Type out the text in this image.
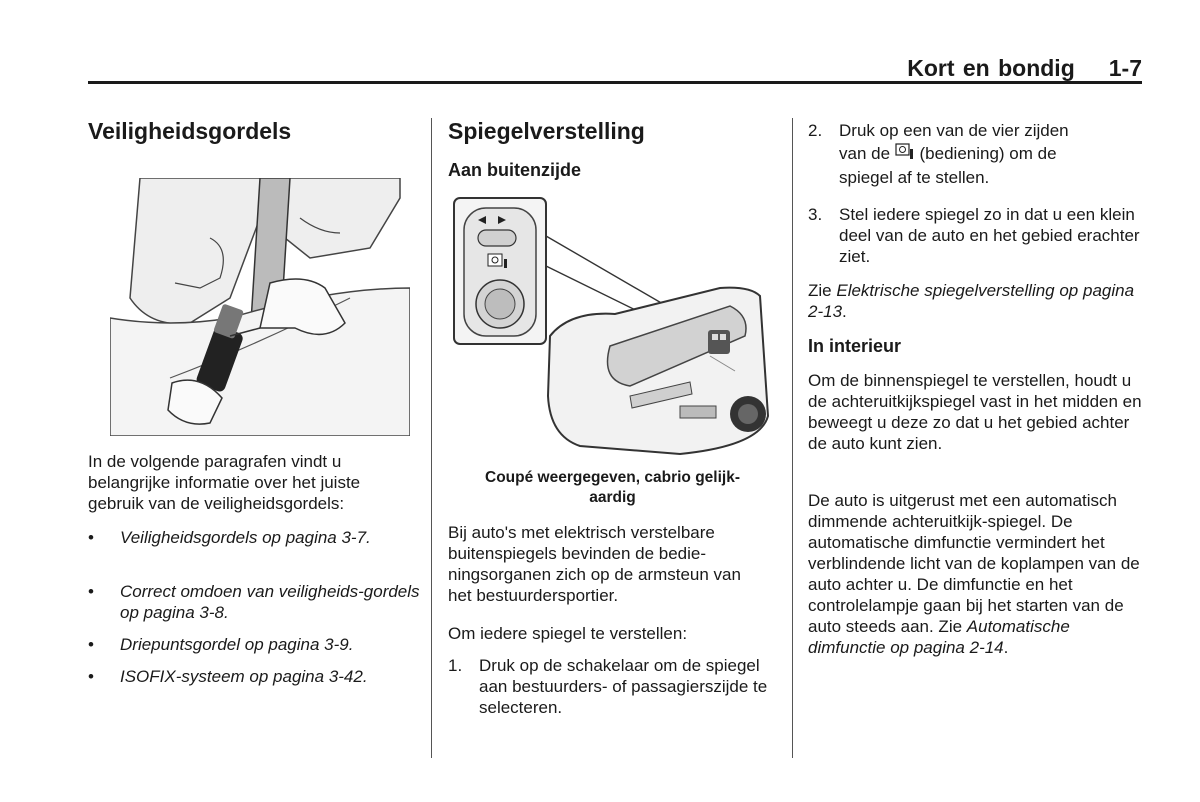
Kort en bondig 1-7
Veiligheidsgordels

In de volgende paragrafen vindt u belangrijke informatie over het juiste gebruik van de veiligheidsgordels:

• Veiligheidsgordels op pagina 3-7.
• Correct omdoen van veiligheids-gordels op pagina 3-8.
• Driepuntsgordel op pagina 3-9.
• ISOFIX-systeem op pagina 3-42.
Spiegelverstelling
Aan buitenzijde
Coupé weergegeven, cabrio gelijk-
aardig

Bij auto's met elektrisch verstelbare buitenspiegels bevinden de bedie-ningsorganen zich op de armsteun van het bestuurdersportier.

Om iedere spiegel te verstellen:

1. Druk op de schakelaar om de spiegel aan bestuurders- of passagierszijde te selecteren.
2. Druk op een van de vier zijden
van de (bediening) om de
spiegel af te stellen.
3. Stel iedere spiegel zo in dat u een klein deel van de auto en het gebied erachter ziet.

Zie Elektrische spiegelverstelling op pagina 2-13.

In interieur

Om de binnenspiegel te verstellen, houdt u de achteruitkijkspiegel vast in het midden en beweegt u deze zo dat u het gebied achter de auto kunt zien.

De auto is uitgerust met een automatisch dimmende achteruitkijk-spiegel. De automatische dimfunctie vermindert het verblindende licht van de koplampen van de auto achter u. De dimfunctie en het controlelampje gaan bij het starten van de auto steeds aan. Zie Automatische dimfunctie op pagina 2-14.
